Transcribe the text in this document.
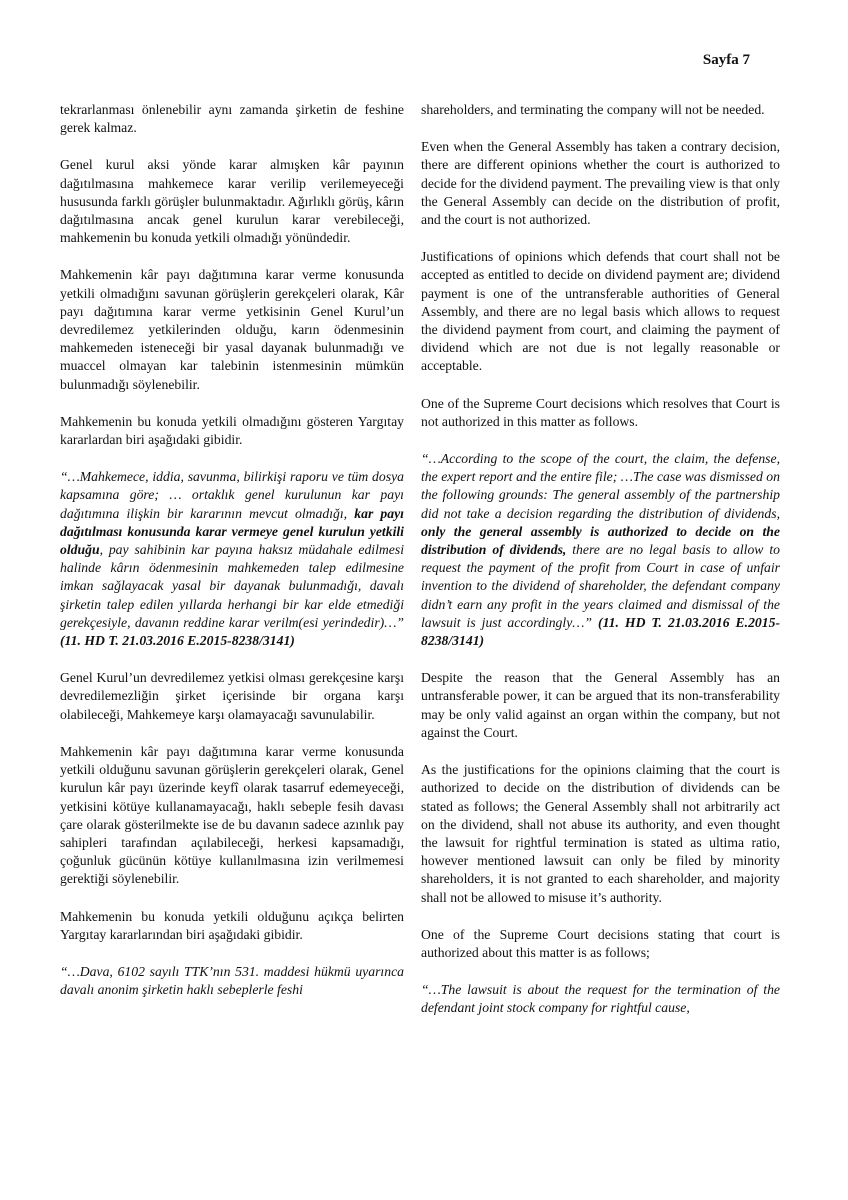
Sayfa 7

tekrarlanması önlenebilir aynı zamanda şirketin de feshine gerek kalmaz.

Genel kurul aksi yönde karar almışken kâr payının dağıtılmasına mahkemece karar verilip verilemeyeceği hususunda farklı görüşler bulunmaktadır. Ağırlıklı görüş, kârın dağıtılmasına ancak genel kurulun karar verebileceği, mahkemenin bu konuda yetkili olmadığı yönündedir.

Mahkemenin kâr payı dağıtımına karar verme konusunda yetkili olmadığını savunan görüşlerin gerekçeleri olarak, Kâr payı dağıtımına karar verme yetkisinin Genel Kurul’un devredilemez yetkilerinden olduğu, karın ödenmesinin mahkemeden isteneceği bir yasal dayanak bulunmadığı ve muaccel olmayan kar talebinin istenmesinin mümkün bulunmadığı söylenebilir.

Mahkemenin bu konuda yetkili olmadığını gösteren Yargıtay kararlardan biri aşağıdaki gibidir.

“…Mahkemece, iddia, savunma, bilirkişi raporu ve tüm dosya kapsamına göre; … ortaklık genel kurulunun kar payı dağıtımına ilişkin bir kararının mevcut olmadığı, kar payı dağıtılması konusunda karar vermeye genel kurulun yetkili olduğu, pay sahibinin kar payına haksız müdahale edilmesi halinde kârın ödenmesinin mahkemeden talep edilmesine imkan sağlayacak yasal bir dayanak bulunmadığı, davalı şirketin talep edilen yıllarda herhangi bir kar elde etmediği gerekçesiyle, davanın reddine karar verilm(esi yerindedir)…” (11. HD T. 21.03.2016 E.2015-8238/3141)

Genel Kurul’un devredilemez yetkisi olması gerekçesine karşı devredilemezliğin şirket içerisinde bir organa karşı olabileceği, Mahkemeye karşı olamayacağı savunulabilir.

Mahkemenin kâr payı dağıtımına karar verme konusunda yetkili olduğunu savunan görüşlerin gerekçeleri olarak, Genel kurulun kâr payı üzerinde keyfî olarak tasarruf edemeyeceği, yetkisini kötüye kullanamayacağı, haklı sebeple fesih davası çare olarak gösterilmekte ise de bu davanın sadece azınlık pay sahipleri tarafından açılabileceği, herkesi kapsamadığı, çoğunluk gücünün kötüye kullanılmasına izin verilmemesi gerektiği söylenebilir.

Mahkemenin bu konuda yetkili olduğunu açıkça belirten Yargıtay kararlarından biri aşağıdaki gibidir.

“…Dava, 6102 sayılı TTK’nın 531. maddesi hükmü uyarınca davalı anonim şirketin haklı sebeplerle feshi

shareholders, and terminating the company will not be needed.

Even when the General Assembly has taken a contrary decision, there are different opinions whether the court is authorized to decide for the dividend payment. The prevailing view is that only the General Assembly can decide on the distribution of profit, and the court is not authorized.

Justifications of opinions which defends that court shall not be accepted as entitled to decide on dividend payment are; dividend payment is one of the untransferable authorities of General Assembly, and there are no legal basis which allows to request the dividend payment from court, and claiming the payment of dividend which are not due is not legally reasonable or acceptable.

One of the Supreme Court decisions which resolves that Court is not authorized in this matter as follows.

“…According to the scope of the court, the claim, the defense, the expert report and the entire file; …The case was dismissed on the following grounds: The general assembly of the partnership did not take a decision regarding the distribution of dividends, only the general assembly is authorized to decide on the distribution of dividends, there are no legal basis to allow to request the payment of the profit from Court in case of unfair invention to the dividend of shareholder, the defendant company didn’t earn any profit in the years claimed and dismissal of the lawsuit is just accordingly…” (11. HD T. 21.03.2016 E.2015-8238/3141)

Despite the reason that the General Assembly has an untransferable power, it can be argued that its non-transferability may be only valid against an organ within the company, but not against the Court.

As the justifications for the opinions claiming that the court is authorized to decide on the distribution of dividends can be stated as follows; the General Assembly shall not arbitrarily act on the dividend, shall not abuse its authority, and even thought the lawsuit for rightful termination is stated as ultima ratio, however mentioned lawsuit can only be filed by minority shareholders, it is not granted to each shareholder, and majority shall not be allowed to misuse it’s authority.

One of the Supreme Court decisions stating that court is authorized about this matter is as follows;

“…The lawsuit is about the request for the termination of the defendant joint stock company for rightful cause,
